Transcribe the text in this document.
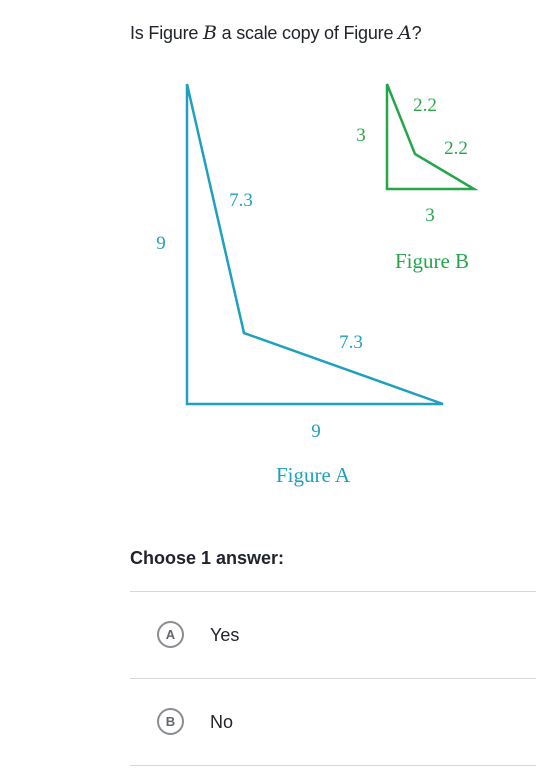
Is Figure B a scale copy of Figure A?
9
7.3
7.3
9
Figure A
3
2.2
2.2
3
Figure B
Choose 1 answer:
A	Yes
B	No
